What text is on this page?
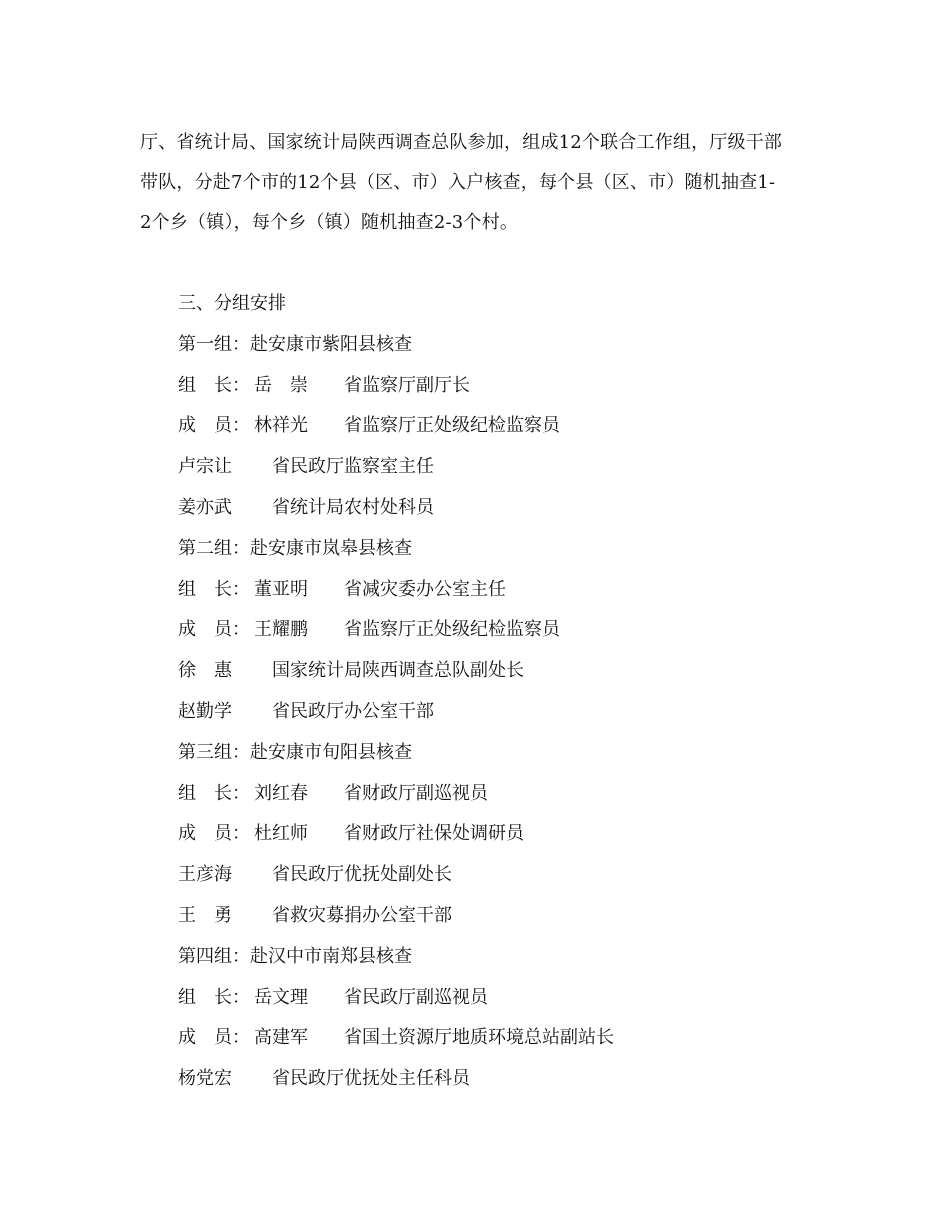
厅、省统计局、国家统计局陕西调查总队参加，组成12个联合工作组，厅级干部
带队，分赴7个市的12个县（区、市）入户核查，每个县（区、市）随机抽查1-
2个乡（镇），每个乡（镇）随机抽查2-3个村。

三、分组安排
第一组：赴安康市紫阳县核查
组　长： 岳　崇 省监察厅副厅长
成　员： 林祥光 省监察厅正处级纪检监察员
卢宗让 省民政厅监察室主任
姜亦武 省统计局农村处科员
第二组：赴安康市岚皋县核查
组　长： 董亚明 省减灾委办公室主任
成　员： 王耀鹏 省监察厅正处级纪检监察员
徐　惠 国家统计局陕西调查总队副处长
赵勤学 省民政厅办公室干部
第三组：赴安康市旬阳县核查
组　长： 刘红春 省财政厅副巡视员
成　员： 杜红师 省财政厅社保处调研员
王彦海 省民政厅优抚处副处长
王　勇 省救灾募捐办公室干部
第四组：赴汉中市南郑县核查
组　长： 岳文理 省民政厅副巡视员
成　员： 高建军 省国土资源厅地质环境总站副站长
杨党宏 省民政厅优抚处主任科员
